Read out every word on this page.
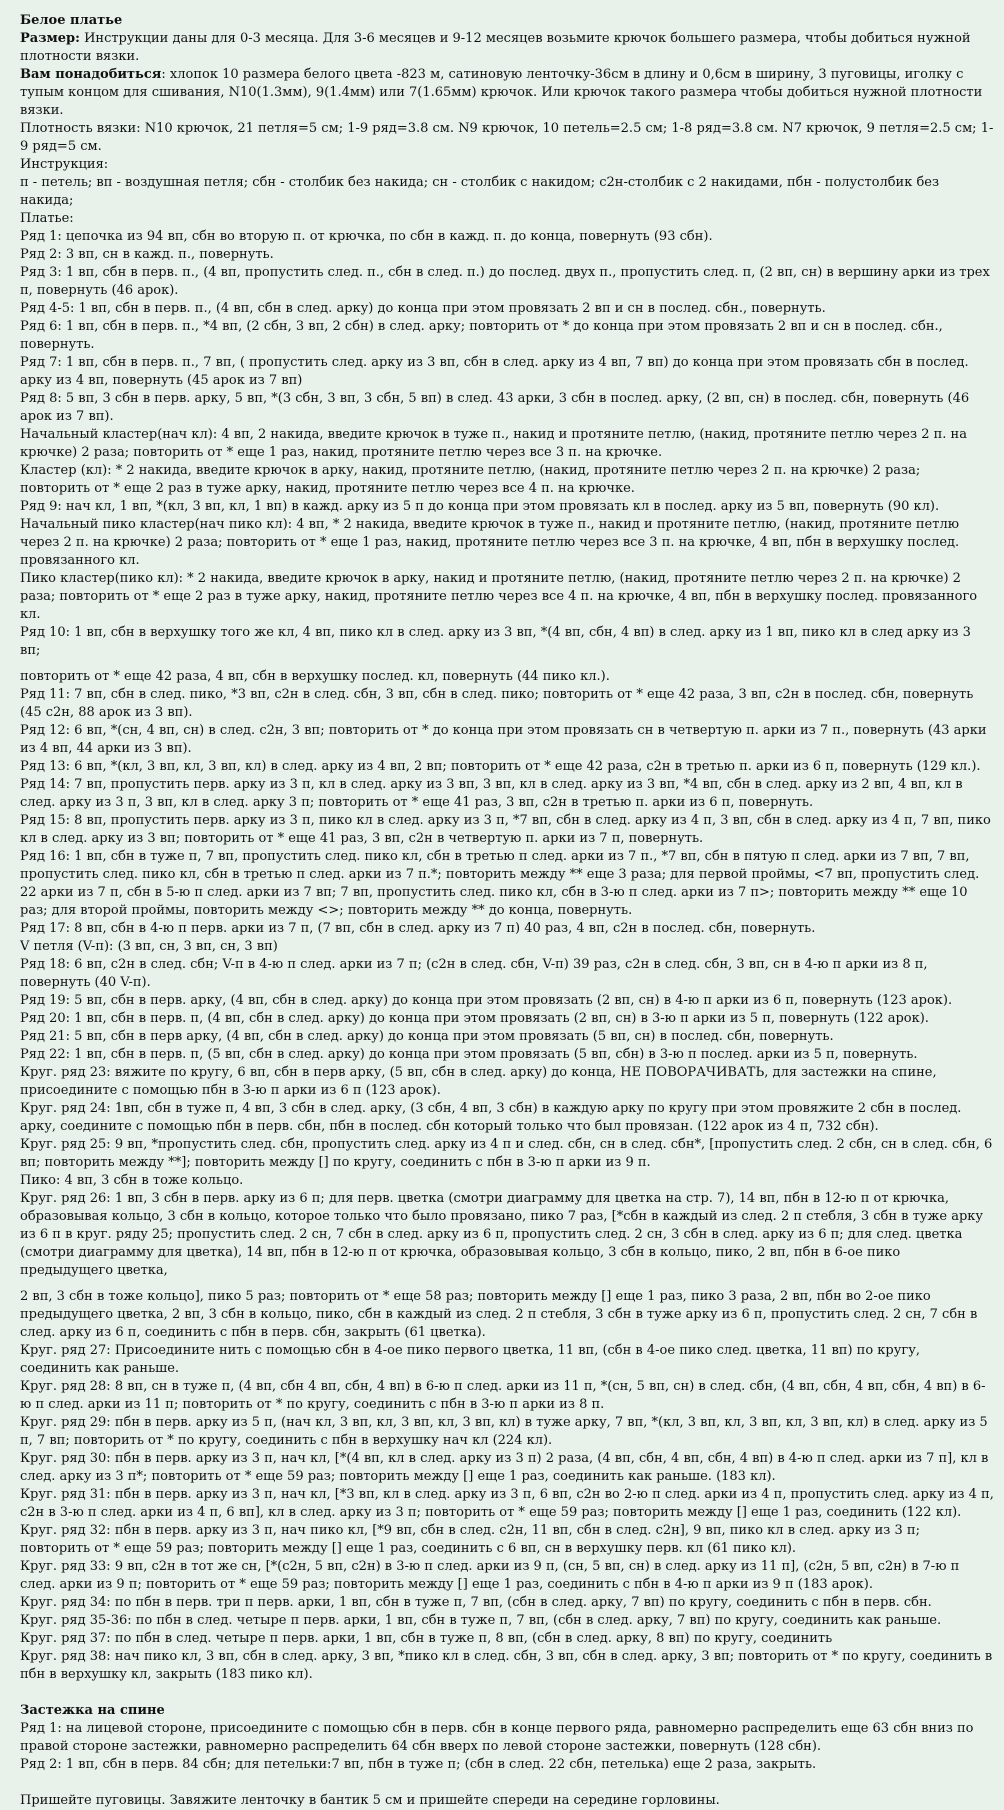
Белое платье
Размер: Инструкции даны для 0-3 месяца. Для 3-6 месяцев и 9-12 месяцев возьмите крючок большего размера, чтобы добиться нужной плотности вязки.
Вам понадобиться: хлопок 10 размера белого цвета -823 м, сатиновую ленточку-36см в длину и 0,6см в ширину, 3 пуговицы, иголку с тупым концом для сшивания, N10(1.3мм), 9(1.4мм) или 7(1.65мм) крючок. Или крючок такого размера чтобы добиться нужной плотности вязки.
Плотность вязки: N10 крючок, 21 петля=5 см; 1-9 ряд=3.8 см. N9 крючок, 10 петель=2.5 см; 1-8 ряд=3.8 см. N7 крючок, 9 петля=2.5 см; 1-9 ряд=5 см.
Инструкция:
п - петель; вп - воздушная петля; сбн - столбик без накида; сн - столбик с накидом; с2н-столбик с 2 накидами, пбн - полустолбик без накида;
Платье:
Ряд 1: цепочка из 94 вп, сбн во вторую п. от крючка, по сбн в кажд. п. до конца, повернуть (93 сбн).
Ряд 2: 3 вп, сн в кажд. п., повернуть.
Ряд 3: 1 вп, сбн в перв. п., (4 вп, пропустить след. п., сбн в след. п.) до послед. двух п., пропустить след. п, (2 вп, сн) в вершину арки из трех п, повернуть (46 арок).
Ряд 4-5: 1 вп, сбн в перв. п., (4 вп, сбн в след. арку) до конца при этом провязать 2 вп и сн в послед. сбн., повернуть.
Ряд 6: 1 вп, сбн в перв. п., *4 вп, (2 сбн, 3 вп, 2 сбн) в след. арку; повторить от * до конца при этом провязать 2 вп и сн в послед. сбн., повернуть.
Ряд 7: 1 вп, сбн в перв. п., 7 вп, ( пропустить след. арку из 3 вп, сбн в след. арку из 4 вп, 7 вп) до конца при этом провязать сбн в послед. арку из 4 вп, повернуть (45 арок из 7 вп)
Ряд 8: 5 вп, 3 сбн в перв. арку, 5 вп, *(3 сбн, 3 вп, 3 сбн, 5 вп) в след. 43 арки, 3 сбн в послед. арку, (2 вп, сн) в послед. сбн, повернуть (46 арок из 7 вп).
Начальный кластер(нач кл): 4 вп, 2 накида, введите крючок в туже п., накид и протяните петлю, (накид, протяните петлю через 2 п. на крючке) 2 раза; повторить от * еще 1 раз, накид, протяните петлю через все 3 п. на крючке.
Кластер (кл): * 2 накида, введите крючок в арку, накид, протяните петлю, (накид, протяните петлю через 2 п. на крючке) 2 раза; повторить от * еще 2 раз в туже арку, накид, протяните петлю через все 4 п. на крючке.
Ряд 9: нач кл, 1 вп, *(кл, 3 вп, кл, 1 вп) в кажд. арку из 5 п до конца при этом провязать кл в послед. арку из 5 вп, повернуть (90 кл).
Начальный пико кластер(нач пико кл): 4 вп, * 2 накида, введите крючок в туже п., накид и протяните петлю, (накид, протяните петлю через 2 п. на крючке) 2 раза; повторить от * еще 1 раз, накид, протяните петлю через все 3 п. на крючке, 4 вп, пбн в верхушку послед. провязанного кл.
Пико кластер(пико кл): * 2 накида, введите крючок в арку, накид и протяните петлю, (накид, протяните петлю через 2 п. на крючке) 2 раза; повторить от * еще 2 раз в туже арку, накид, протяните петлю через все 4 п. на крючке, 4 вп, пбн в верхушку послед. провязанного кл.
Ряд 10: 1 вп, сбн в верхушку того же кл, 4 вп, пико кл в след. арку из 3 вп, *(4 вп, сбн, 4 вп) в след. арку из 1 вп, пико кл в след арку из 3 вп;
повторить от * еще 42 раза, 4 вп, сбн в верхушку послед. кл, повернуть (44 пико кл.).
Ряд 11: 7 вп, сбн в след. пико, *3 вп, с2н в след. сбн, 3 вп, сбн в след. пико; повторить от * еще 42 раза, 3 вп, с2н в послед. сбн, повернуть (45 с2н, 88 арок из 3 вп).
Ряд 12: 6 вп, *(сн, 4 вп, сн) в след. с2н, 3 вп; повторить от * до конца при этом провязать сн в четвертую п. арки из 7 п., повернуть (43 арки из 4 вп, 44 арки из 3 вп).
Ряд 13: 6 вп, *(кл, 3 вп, кл, 3 вп, кл) в след. арку из 4 вп, 2 вп; повторить от * еще 42 раза, с2н в третью п. арки из 6 п, повернуть (129 кл.).
Ряд 14: 7 вп, пропустить перв. арку из 3 п, кл в след. арку из 3 вп, 3 вп, кл в след. арку из 3 вп, *4 вп, сбн в след. арку из 2 вп, 4 вп, кл в след. арку из 3 п, 3 вп, кл в след. арку 3 п; повторить от * еще 41 раз, 3 вп, с2н в третью п. арки из 6 п, повернуть.
Ряд 15: 8 вп, пропустить перв. арку из 3 п, пико кл в след. арку из 3 п, *7 вп, сбн в след. арку из 4 п, 3 вп, сбн в след. арку из 4 п, 7 вп, пико кл в след. арку из 3 вп; повторить от * еще 41 раз, 3 вп, с2н в четвертую п. арки из 7 п, повернуть.
Ряд 16: 1 вп, сбн в туже п, 7 вп, пропустить след. пико кл, сбн в третью п след. арки из 7 п., *7 вп, сбн в пятую п след. арки из 7 вп, 7 вп, пропустить след. пико кл, сбн в третью п след. арки из 7 п.*; повторить между ** еще 3 раза; для первой проймы, <7 вп, пропустить след. 22 арки из 7 п, сбн в 5-ю п след. арки из 7 вп; 7 вп, пропустить след. пико кл, сбн в 3-ю п след. арки из 7 п>; повторить между ** еще 10 раз; для второй проймы, повторить между <>; повторить между ** до конца, повернуть.
Ряд 17: 8 вп, сбн в 4-ю п перв. арки из 7 п, (7 вп, сбн в след. арку из 7 п) 40 раз, 4 вп, с2н в послед. сбн, повернуть.
V петля (V-п): (3 вп, сн, 3 вп, сн, 3 вп)
Ряд 18: 6 вп, с2н в след. сбн; V-п в 4-ю п след. арки из 7 п; (с2н в след. сбн, V-п) 39 раз, с2н в след. сбн, 3 вп, сн в 4-ю п арки из 8 п, повернуть (40 V-п).
Ряд 19: 5 вп, сбн в перв. арку, (4 вп, сбн в след. арку) до конца при этом провязать (2 вп, сн) в 4-ю п арки из 6 п, повернуть (123 арок).
Ряд 20: 1 вп, сбн в перв. п, (4 вп, сбн в след. арку) до конца при этом провязать (2 вп, сн) в 3-ю п арки из 5 п, повернуть (122 арок).
Ряд 21: 5 вп, сбн в перв арку, (4 вп, сбн в след. арку) до конца при этом провязать (5 вп, сн) в послед. сбн, повернуть.
Ряд 22: 1 вп, сбн в перв. п, (5 вп, сбн в след. арку) до конца при этом провязать (5 вп, сбн) в 3-ю п послед. арки из 5 п, повернуть.
Круг. ряд 23: вяжите по кругу, 6 вп, сбн в перв арку, (5 вп, сбн в след. арку) до конца, НЕ ПОВОРАЧИВАТЬ, для застежки на спине, присоедините с помощью пбн в 3-ю п арки из 6 п (123 арок).
Круг. ряд 24: 1вп, сбн в туже п, 4 вп, 3 сбн в след. арку, (3 сбн, 4 вп, 3 сбн) в каждую арку по кругу при этом провяжите 2 сбн в послед. арку, соедините с помощью пбн в перв. сбн, пбн в послед. сбн который только что был провязан. (122 арок из 4 п, 732 сбн).
Круг. ряд 25: 9 вп, *пропустить след. сбн, пропустить след. арку из 4 п и след. сбн, сн в след. сбн*, [пропустить след. 2 сбн, сн в след. сбн, 6 вп; повторить между **]; повторить между [] по кругу, соединить с пбн в 3-ю п арки из 9 п.
Пико: 4 вп, 3 сбн в тоже кольцо.
Круг. ряд 26: 1 вп, 3 сбн в перв. арку из 6 п; для перв. цветка (смотри диаграмму для цветка на стр. 7), 14 вп, пбн в 12-ю п от крючка, образовывая кольцо, 3 сбн в кольцо, которое только что было провязано, пико 7 раз, [*сбн в каждый из след. 2 п стебля, 3 сбн в туже арку из 6 п в круг. ряду 25; пропустить след. 2 сн, 7 сбн в след. арку из 6 п, пропустить след. 2 сн, 3 сбн в след. арку из 6 п; для след. цветка (смотри диаграмму для цветка), 14 вп, пбн в 12-ю п от крючка, образовывая кольцо, 3 сбн в кольцо, пико, 2 вп, пбн в 6-ое пико предыдущего цветка,
2 вп, 3 сбн в тоже кольцо], пико 5 раз; повторить от * еще 58 раз; повторить между [] еще 1 раз, пико 3 раза, 2 вп, пбн во 2-ое пико предыдущего цветка, 2 вп, 3 сбн в кольцо, пико, сбн в каждый из след. 2 п стебля, 3 сбн в туже арку из 6 п, пропустить след. 2 сн, 7 сбн в след. арку из 6 п, соединить с пбн в перв. сбн, закрыть (61 цветка).
Круг. ряд 27: Присоедините нить с помощью сбн в 4-ое пико первого цветка, 11 вп, (сбн в 4-ое пико след. цветка, 11 вп) по кругу, соединить как раньше.
Круг. ряд 28: 8 вп, сн в туже п, (4 вп, сбн 4 вп, сбн, 4 вп) в 6-ю п след. арки из 11 п, *(сн, 5 вп, сн) в след. сбн, (4 вп, сбн, 4 вп, сбн, 4 вп) в 6-ю п след. арки из 11 п; повторить от * по кругу, соединить с пбн в 3-ю п арки из 8 п.
Круг. ряд 29: пбн в перв. арку из 5 п, (нач кл, 3 вп, кл, 3 вп, кл, 3 вп, кл) в туже арку, 7 вп, *(кл, 3 вп, кл, 3 вп, кл, 3 вп, кл) в след. арку из 5 п, 7 вп; повторить от * по кругу, соединить с пбн в верхушку нач кл (224 кл).
Круг. ряд 30: пбн в перв. арку из 3 п, нач кл, [*(4 вп, кл в след. арку из 3 п) 2 раза, (4 вп, сбн, 4 вп, сбн, 4 вп) в 4-ю п след. арки из 7 п], кл в след. арку из 3 п*; повторить от * еще 59 раз; повторить между [] еще 1 раз, соединить как раньше. (183 кл).
Круг. ряд 31: пбн в перв. арку из 3 п, нач кл, [*3 вп, кл в след. арку из 3 п, 6 вп, с2н во 2-ю п след. арки из 4 п, пропустить след. арку из 4 п, с2н в 3-ю п след. арки из 4 п, 6 вп], кл в след. арку из 3 п; повторить от * еще 59 раз; повторить между [] еще 1 раз, соединить (122 кл).
Круг. ряд 32: пбн в перв. арку из 3 п, нач пико кл, [*9 вп, сбн в след. с2н, 11 вп, сбн в след. с2н], 9 вп, пико кл в след. арку из 3 п; повторить от * еще 59 раз; повторить между [] еще 1 раз, соединить с 6 вп, сн в верхушку перв. кл (61 пико кл).
Круг. ряд 33: 9 вп, с2н в тот же сн, [*(с2н, 5 вп, с2н) в 3-ю п след. арки из 9 п, (сн, 5 вп, сн) в след. арку из 11 п], (с2н, 5 вп, с2н) в 7-ю п след. арки из 9 п; повторить от * еще 59 раз; повторить между [] еще 1 раз, соединить с пбн в 4-ю п арки из 9 п (183 арок).
Круг. ряд 34: по пбн в перв. три п перв. арки, 1 вп, сбн в туже п, 7 вп, (сбн в след. арку, 7 вп) по кругу, соединить с пбн в перв. сбн.
Круг. ряд 35-36: по пбн в след. четыре п перв. арки, 1 вп, сбн в туже п, 7 вп, (сбн в след. арку, 7 вп) по кругу, соединить как раньше.
Круг. ряд 37: по пбн в след. четыре п перв. арки, 1 вп, сбн в туже п, 8 вп, (сбн в след. арку, 8 вп) по кругу, соединить
Круг. ряд 38: нач пико кл, 3 вп, сбн в след. арку, 3 вп, *пико кл в след. сбн, 3 вп, сбн в след. арку, 3 вп; повторить от * по кругу, соединить в пбн в верхушку кл, закрыть (183 пико кл).
Застежка на спине
Ряд 1: на лицевой стороне, присоедините с помощью сбн в перв. сбн в конце первого ряда, равномерно распределить еще 63 сбн вниз по правой стороне застежки, равномерно распределить 64 сбн вверх по левой стороне застежки, повернуть (128 сбн).
Ряд 2: 1 вп, сбн в перв. 84 сбн; для петельки:7 вп, пбн в туже п; (сбн в след. 22 сбн, петелька) еще 2 раза, закрыть.
Пришейте пуговицы. Завяжите ленточку в бантик 5 см и пришейте спереди на середине горловины.
